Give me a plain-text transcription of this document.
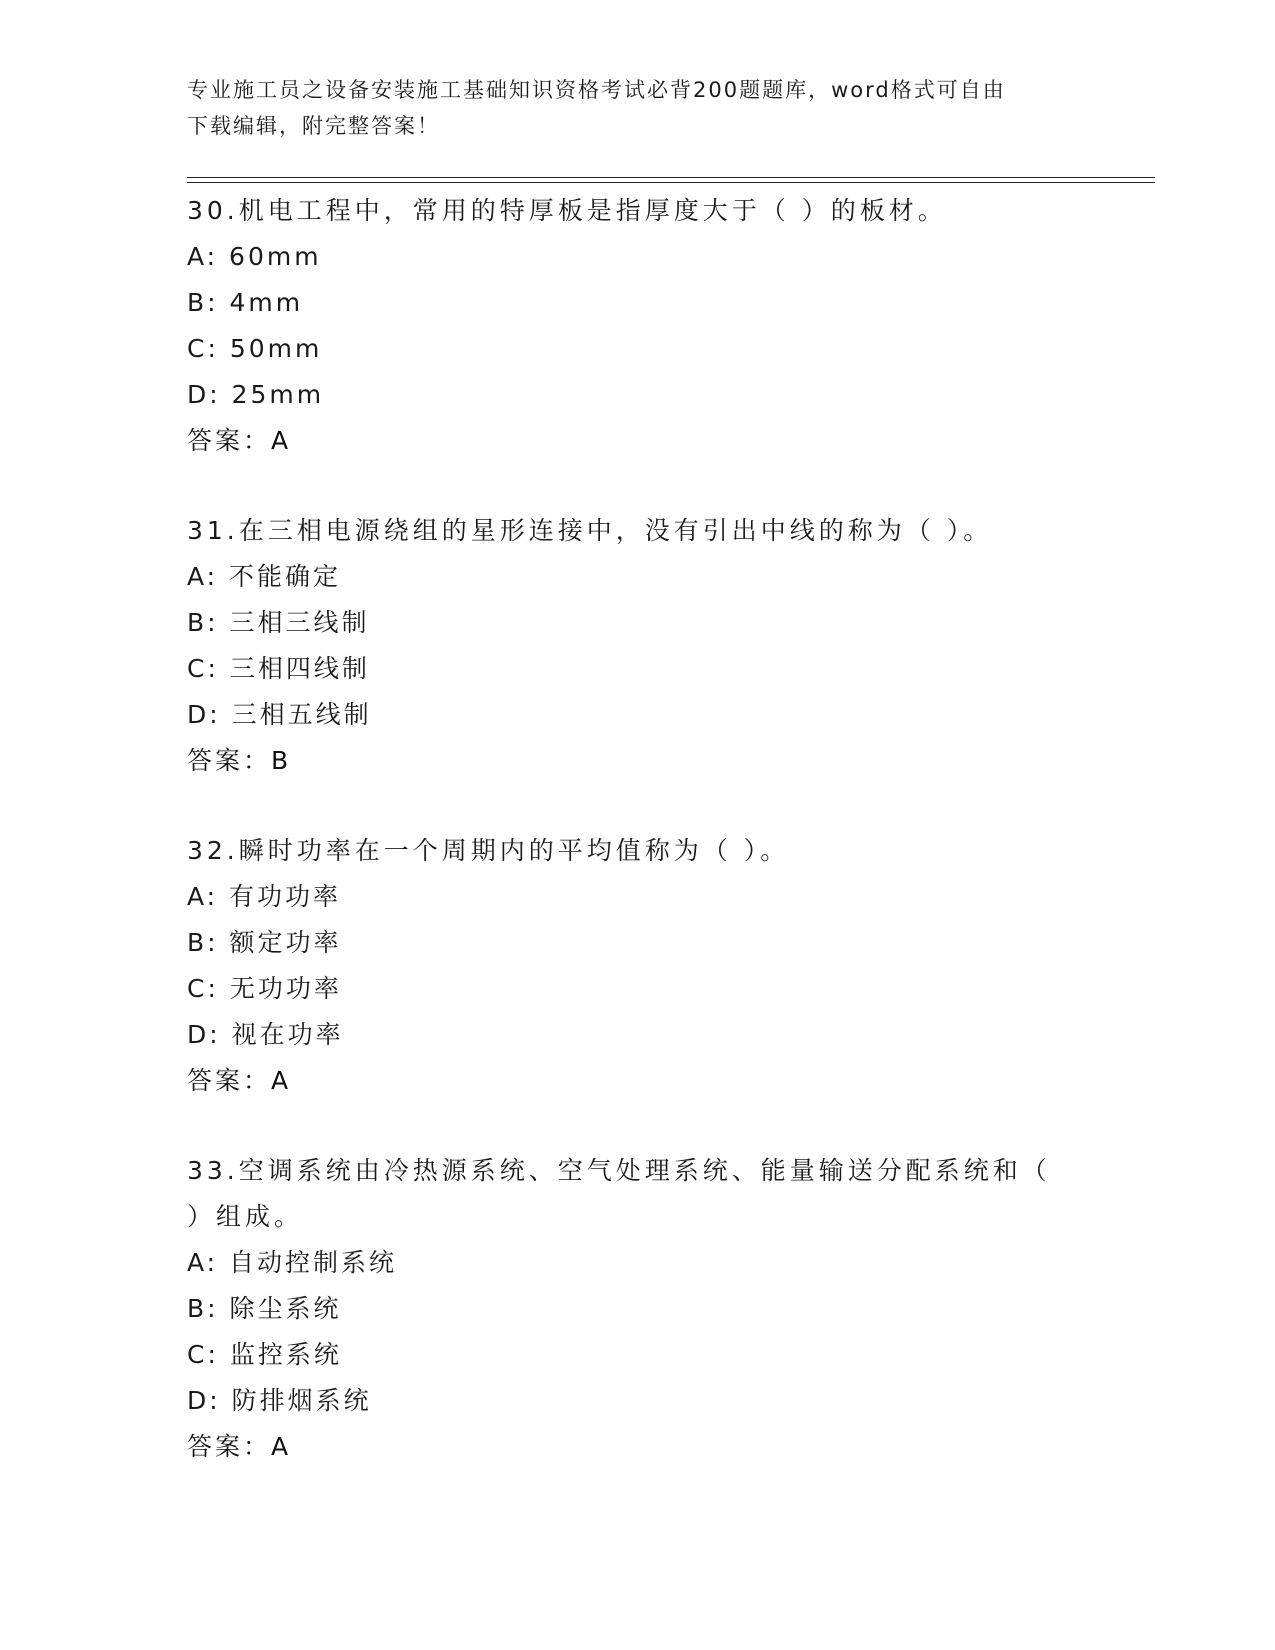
专业施工员之设备安装施工基础知识资格考试必背200题题库，word格式可自由

下载编辑，附完整答案！

30.机电工程中，常用的特厚板是指厚度大于（ ）的板材。

A: 60mm

B: 4mm

C: 50mm

D: 25mm

答案：A

31.在三相电源绕组的星形连接中，没有引出中线的称为（ ）。

A: 不能确定

B: 三相三线制

C: 三相四线制

D: 三相五线制

答案：B

32.瞬时功率在一个周期内的平均值称为（ ）。

A: 有功功率

B: 额定功率

C: 无功功率

D: 视在功率

答案：A

33.空调系统由冷热源系统、空气处理系统、能量输送分配系统和（

）组成。

A: 自动控制系统

B: 除尘系统

C: 监控系统

D: 防排烟系统

答案：A
